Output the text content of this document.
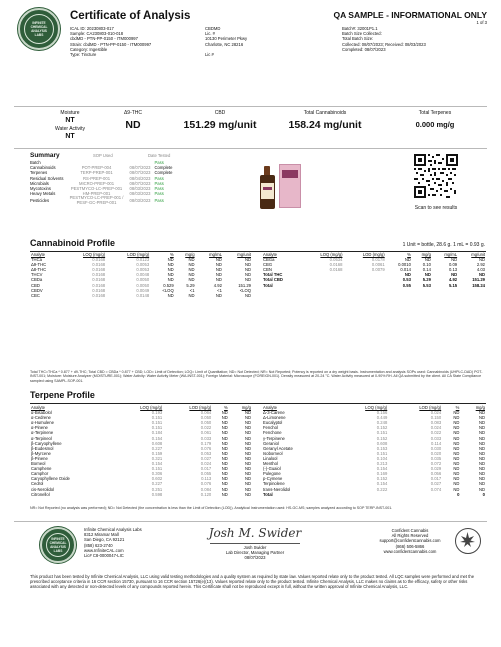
INFINITE
CHEMICAL
ANALYSIS
LABS
Certificate of Analysis
ICAL ID: 20230803-017
Sample: CA230803-010-018
cbdMD - PTN-PP-0150 - ITM000997
Strain: cbdMD - PTN-PP-0150 - ITM000997
Category: Ingestible
Type: Tincture
CBDMD
Lic. #
10130 Perimeter Pkwy
Charlotte, NC 28216
Lic #
QA SAMPLE - INFORMATIONAL ONLY
1 of 3
Batch#: 32001P1.1
Batch Size Collected:
Total Batch Size:
Collected: 08/07/2023; Received: 08/03/2023
Completed: 08/07/2023
Moisture
NT
Water Activity
NT
Δ9-THC
ND
CBD
151.29 mg/unit
Total Cannabinoids
158.24 mg/unit
Total Terpenes
0.000 mg/g
Summary	SOP Used	Date Tested
Batch			Pass
Cannabinoids	POT-PREP-004	08/07/2023	Complete
Terpenes	TERP-PREP-001	08/07/2023	Complete
Residual Solvents	RS-PREP-001	08/04/2023	Pass
Microbials	MICRO-PREP-001	08/07/2023	Pass
Mycotoxins	PESTMYCO-LC-PREP-001	08/03/2023	Pass
Heavy Metals	HM-PREP-001	08/03/2023	Pass
Pesticides	PESTMYCO-LC-PREP-001 / PESF-GC-PREP-001	08/03/2023	Pass
Scan to see results
Cannabinoid Profile	1 Unit = bottle, 28.6 g. 1 mL = 0.93 g.
Analyte	LOQ (mg/g)	LOD (mg/g)	%	mg/g	mg/mL	mg/unit
THCa	0.0168	0.0123	ND	ND	ND	ND
Δ9-THC	0.0168	0.0053	ND	ND	ND	ND
Δ8-THC	0.0168	0.0053	ND	ND	ND	ND
THCV	0.0168	0.0048	ND	ND	ND	ND
CBDa	0.0168	0.0050	ND	ND	ND	ND
CBD	0.0168	0.0050	0.529	5.29	4.92	151.29
CBDV	0.0168	0.0049	<LOQ	<1	<1	<LOQ
CBC	0.0168	0.0148	ND	ND	ND	ND
Analyte	LOQ (mg/g)	LOD (mg/g)	%	mg/g	mg/mL	mg/unit
CBGa	0.0534	0.0178	ND	ND	ND	ND
CBG	0.0168	0.0061	0.0010	0.10	0.09	2.92
CBN	0.0168	0.0079	0.014	0.14	0.13	4.03
Total THC			ND	ND	ND	ND
Total CBD			0.53	5.29	4.92	151.29
Total			0.55	5.53	5.15	158.24
Total THC=THCa * 0.877 + d9-THC; Total CBD = CBDa * 0.877 + CBD; LOD= Limit of Detection; LOQ= Limit of Quantitation; ND= Not Detected; NR= Not Reported; Potency is reported on a dry weight basis. Instrumentation and analysis SOPs used: Cannabinoids (UHPLC-DAD) POT-INST-001; Moisture: Moisture Analyzer (MOISTURE-001); Water Activity: Water Activity Meter (WA-INST-001); Foreign Material: Microscope (FOREIGN-001). Density measured at 20-24 °C. Water Activity measured at 0-90% RH. All QA submitted by the client. All CA State Compliance sampled using SAMPL-SOP-001.
Terpene Profile
Analyte	LOQ (mg/g)	LOD (mg/g)	%	mg/g
α-Bisabolol	0.193	0.064	ND	ND
α-Cedrene	0.151	0.050	ND	ND
α-Humulene	0.151	0.050	ND	ND
α-Pinene	0.151	0.022	ND	ND
α-Terpinene	0.184	0.061	ND	ND
α-Terpineol	0.154	0.033	ND	ND
β-Caryophyllene	0.608	0.179	ND	ND
β-Eudesmol	0.227	0.076	ND	ND
β-Myrcene	0.159	0.053	ND	ND
β-Pinene	0.321	0.027	ND	ND
Borneol	0.154	0.024	ND	ND
Camphene	0.151	0.017	ND	ND
Camphor	0.306	0.055	ND	ND
Caryophyllene Oxide	0.602	0.113	ND	ND
Cedrol	0.227	0.076	ND	ND
cis-Nerolidol	0.251	0.084	ND	ND
Citronellol	0.598	0.120	ND	ND
Analyte	LOQ (mg/g)	LOD (mg/g)	%	mg/g
Δ-3-Carene	0.156	0.024	ND	ND
Δ-Limonene	0.449	0.150	ND	ND
Eucalyptol	0.248	0.083	ND	ND
Fenchol	0.152	0.024	ND	ND
Fenchone	0.151	0.022	ND	ND
γ-Terpinene	0.152	0.033	ND	ND
Geraniol	0.608	0.114	ND	ND
Geranyl Acetate	0.153	0.030	ND	ND
Isoborneol	0.151	0.020	ND	ND
Linalool	0.104	0.035	ND	ND
Menthol	0.213	0.072	ND	ND
(-)-Guaiol	0.154	0.029	ND	ND
Pulegone	0.169	0.056	ND	ND
p-Cymene	0.152	0.017	ND	ND
Terpinolene	0.154	0.027	ND	ND
trans-Nerolidol	0.222	0.074	ND	ND
Total			0	0
NR= Not Reported (no analysis was performed); ND= Not Detected (the concentration is less than the Limit of Detection (LOD)). Analytical Instrumentation used: HS-GC-MS; samples analyzed according to SOP TERP-INST-001.
INFINITE
CHEMICAL
ANALYSIS
LABS
Infinite Chemical Analysis Labs
8312 Miramar Mall
San Diego, CA 92121
(858) 623-2740
www.InfiniteCAL.com
Lic# C8-0000047-LIC
Josh M. Swider
Josh Swider
Lab Director, Managing Partner
08/07/2023
Confident Cannabis
All Rights Reserved
support@confidentcannabis.com
(866) 506-5866
www.confidentcannabis.com
This product has been tested by Infinite Chemical Analysis, LLC using valid testing methodologies and a quality system as required by state law. Values reported relate only to the product tested. All LQC samples were performed and met the prescribed acceptance criteria in 16 CCR section 15730, pursuant to 16 CCR section 15726(e)(13). Values reported relate only to the product tested. Infinite Chemical Analysis, LLC makes no claims as to the efficacy, safety or other risks associated with any detected or non-detected levels of any compounds reported herein. This Certificate shall not be reproduced except in full, without the written approval of Infinite Chemical Analysis, LLC.
